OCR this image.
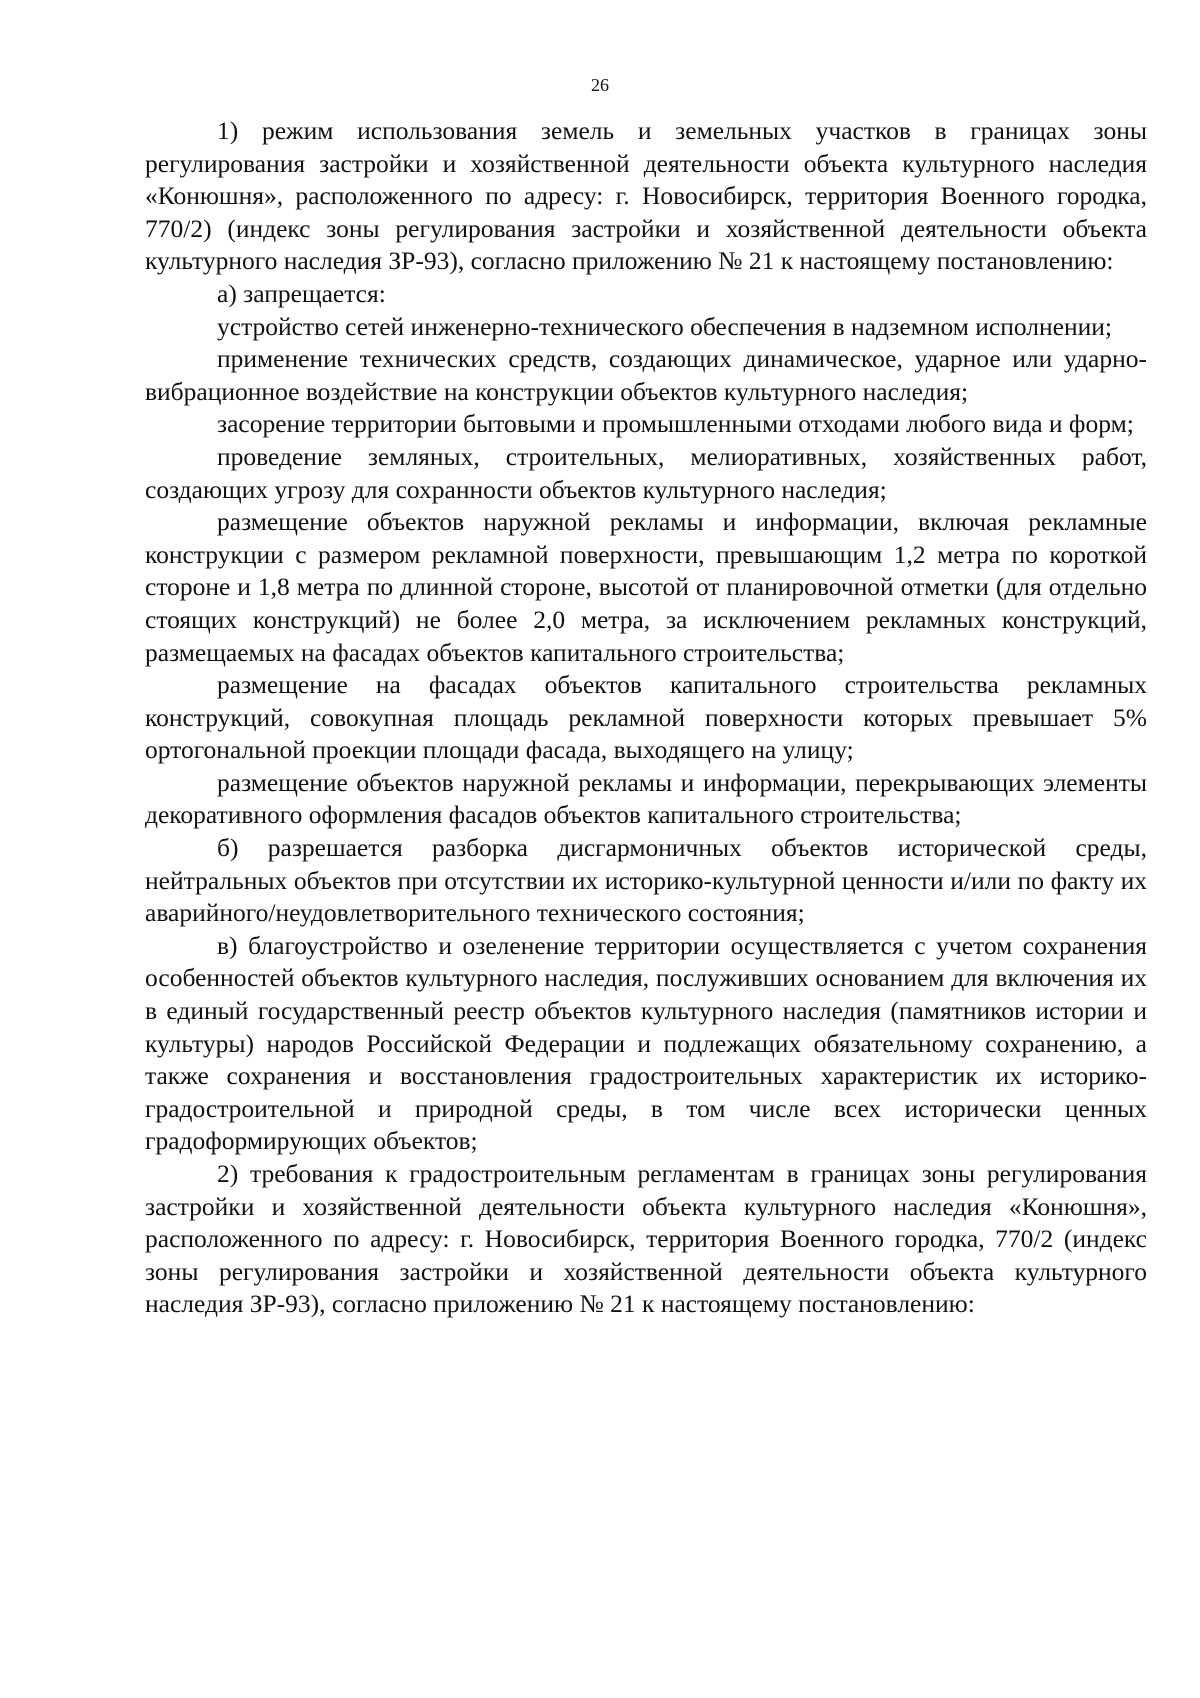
26

1) режим использования земель и земельных участков в границах зоны регулирования застройки и хозяйственной деятельности объекта культурного наследия «Конюшня», расположенного по адресу: г. Новосибирск, территория Военного городка, 770/2) (индекс зоны регулирования застройки и хозяйственной деятельности объекта культурного наследия ЗР-93), согласно приложению № 21 к настоящему постановлению:

а) запрещается:

устройство сетей инженерно-технического обеспечения в надземном исполнении;

применение технических средств, создающих динамическое, ударное или ударно-вибрационное воздействие на конструкции объектов культурного наследия;

засорение территории бытовыми и промышленными отходами любого вида и форм;

проведение земляных, строительных, мелиоративных, хозяйственных работ, создающих угрозу для сохранности объектов культурного наследия;

размещение объектов наружной рекламы и информации, включая рекламные конструкции с размером рекламной поверхности, превышающим 1,2 метра по короткой стороне и 1,8 метра по длинной стороне, высотой от планировочной отметки (для отдельно стоящих конструкций) не более 2,0 метра, за исключением рекламных конструкций, размещаемых на фасадах объектов капитального строительства;

размещение на фасадах объектов капитального строительства рекламных конструкций, совокупная площадь рекламной поверхности которых превышает 5% ортогональной проекции площади фасада, выходящего на улицу;

размещение объектов наружной рекламы и информации, перекрывающих элементы декоративного оформления фасадов объектов капитального строительства;

б) разрешается разборка дисгармоничных объектов исторической среды, нейтральных объектов при отсутствии их историко-культурной ценности и/или по факту их аварийного/неудовлетворительного технического состояния;

в) благоустройство и озеленение территории осуществляется с учетом сохранения особенностей объектов культурного наследия, послуживших основанием для включения их в единый государственный реестр объектов культурного наследия (памятников истории и культуры) народов Российской Федерации и подлежащих обязательному сохранению, а также сохранения и восстановления градостроительных характеристик их историко-градостроительной и природной среды, в том числе всех исторически ценных градоформирующих объектов;

2) требования к градостроительным регламентам в границах зоны регулирования застройки и хозяйственной деятельности объекта культурного наследия «Конюшня», расположенного по адресу: г. Новосибирск, территория Военного городка, 770/2 (индекс зоны регулирования застройки и хозяйственной деятельности объекта культурного наследия ЗР-93), согласно приложению № 21 к настоящему постановлению:
